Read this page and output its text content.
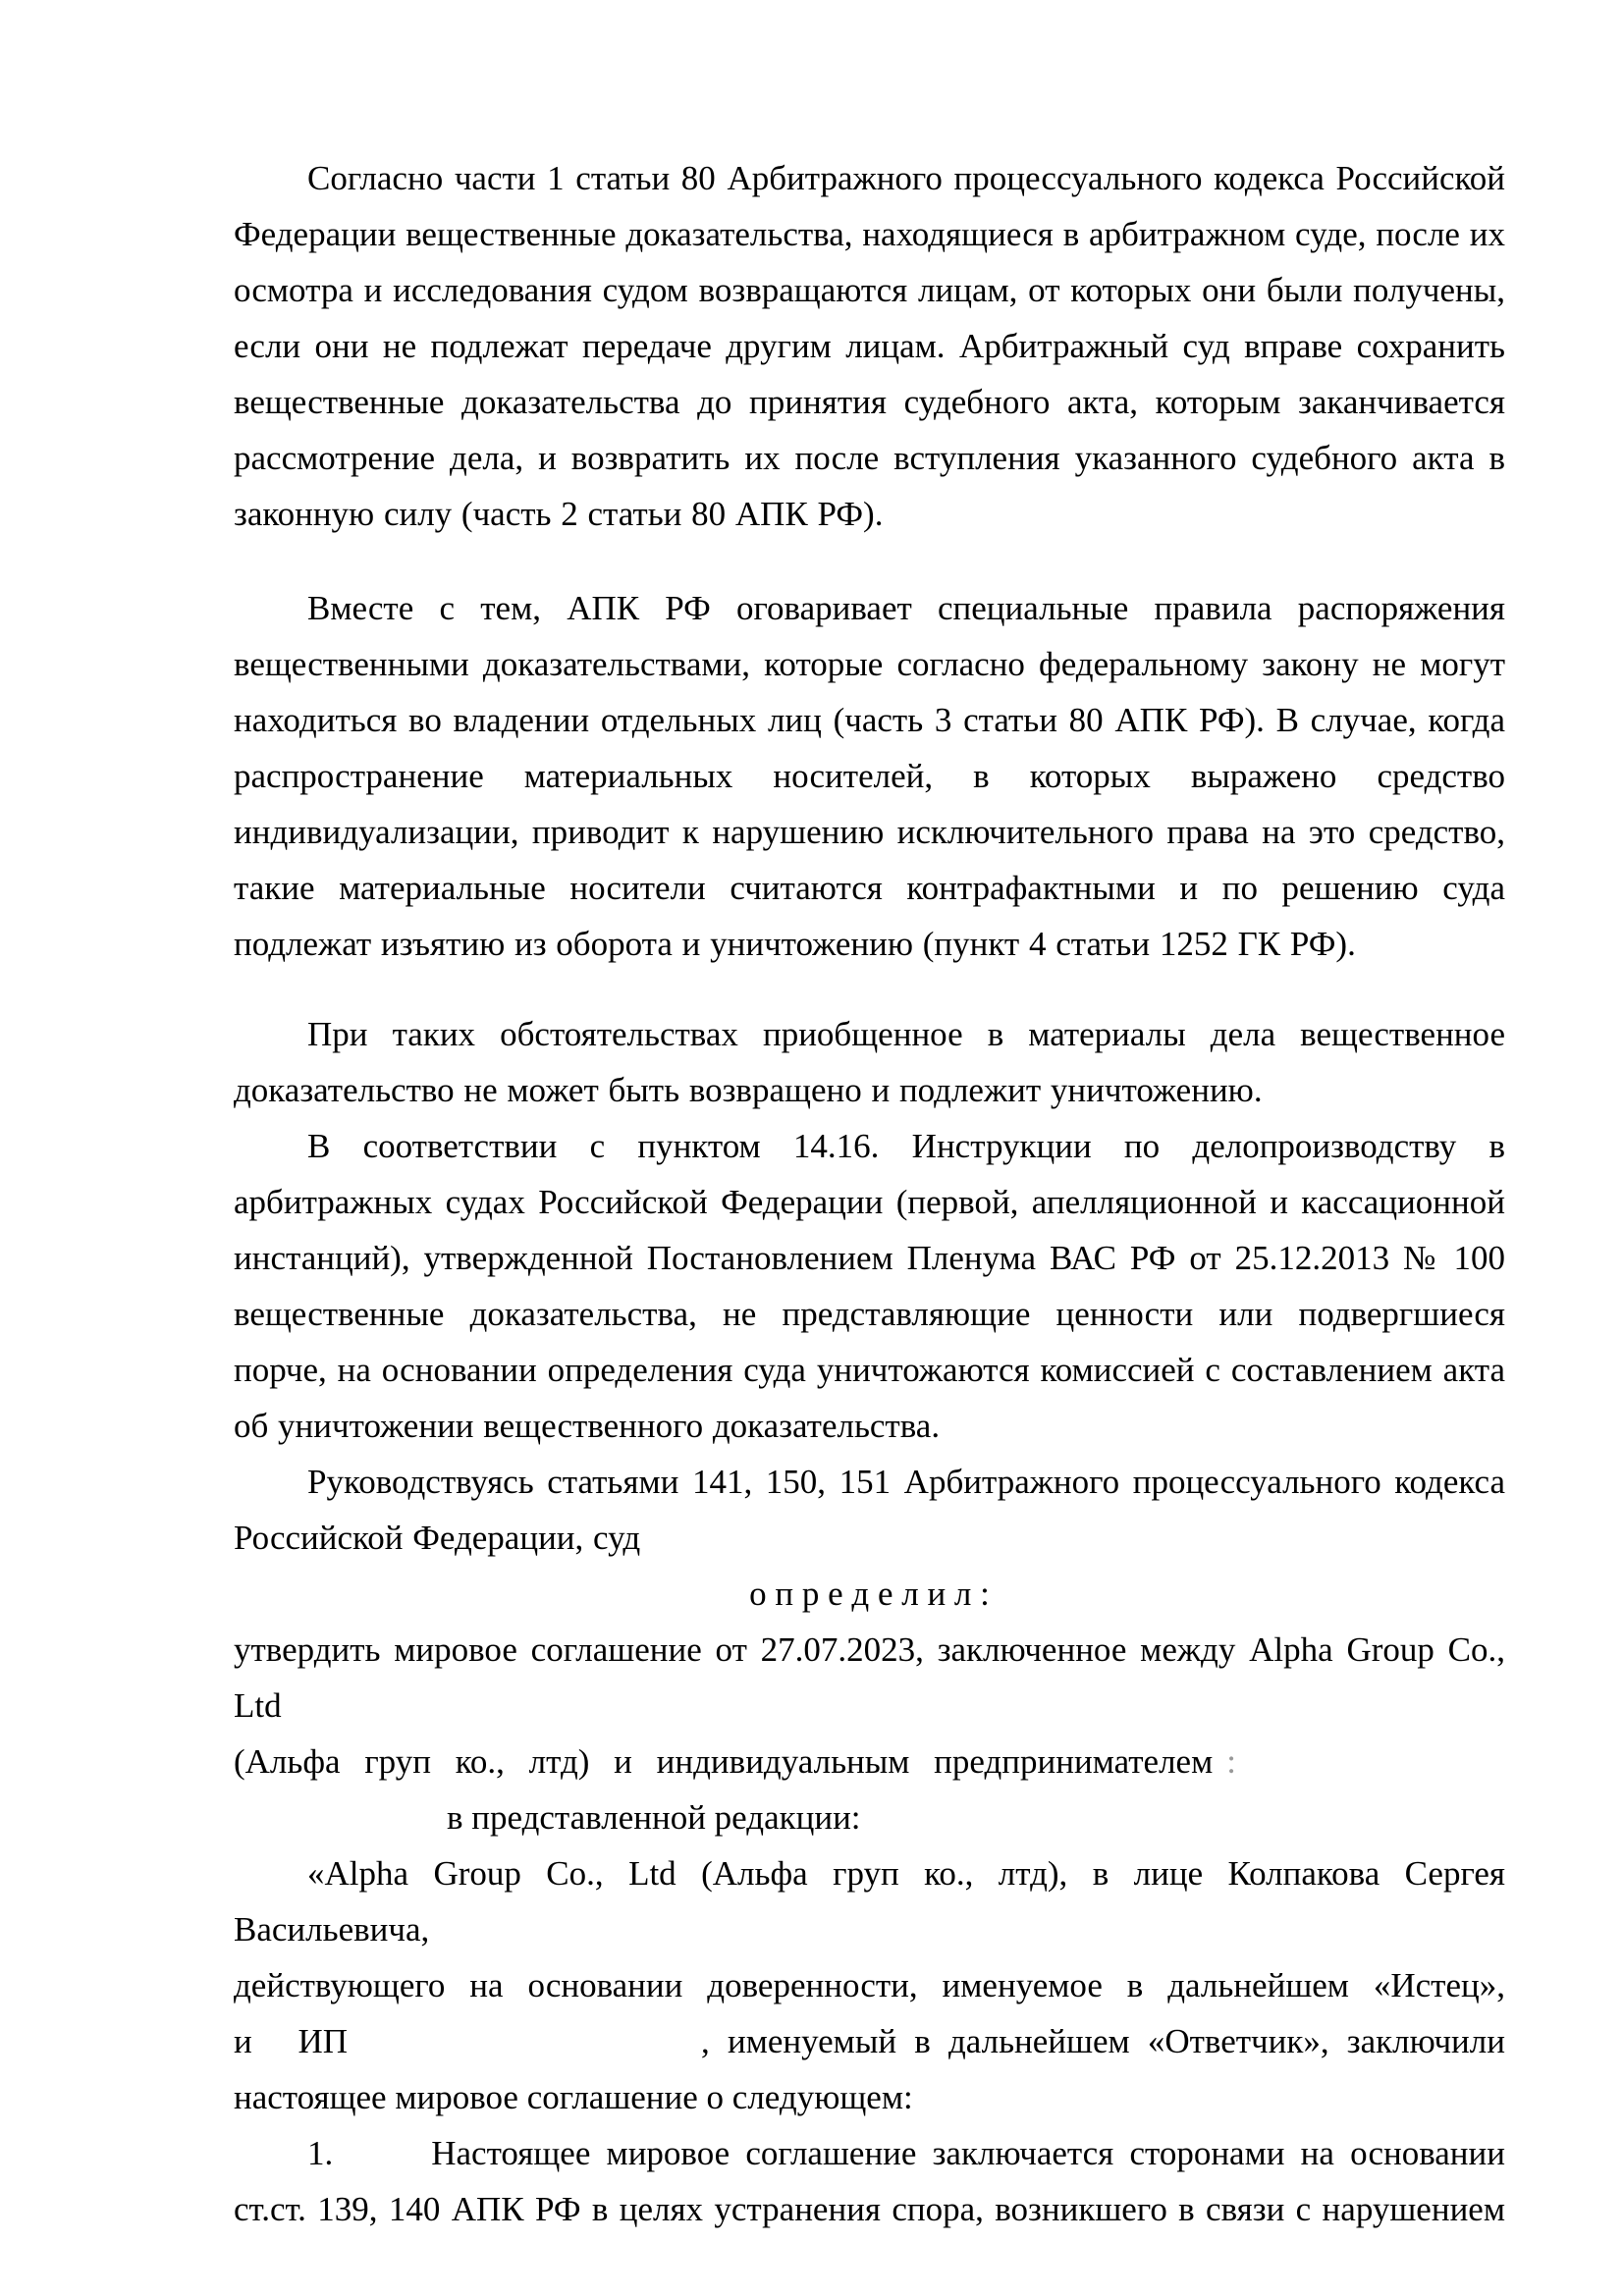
Согласно части 1 статьи 80 Арбитражного процессуального кодекса Российской Федерации вещественные доказательства, находящиеся в арбитражном суде, после их осмотра и исследования судом возвращаются лицам, от которых они были получены, если они не подлежат передаче другим лицам. Арбитражный суд вправе сохранить вещественные доказательства до принятия судебного акта, которым заканчивается рассмотрение дела, и возвратить их после вступления указанного судебного акта в законную силу (часть 2 статьи 80 АПК РФ).

Вместе с тем, АПК РФ оговаривает специальные правила распоряжения вещественными доказательствами, которые согласно федеральному закону не могут находиться во владении отдельных лиц (часть 3 статьи 80 АПК РФ). В случае, когда распространение материальных носителей, в которых выражено средство индивидуализации, приводит к нарушению исключительного права на это средство, такие материальные носители считаются контрафактными и по решению суда подлежат изъятию из оборота и уничтожению (пункт 4 статьи 1252 ГК РФ).

При таких обстоятельствах приобщенное в материалы дела вещественное доказательство не может быть возвращено и подлежит уничтожению.

В соответствии с пунктом 14.16. Инструкции по делопроизводству в арбитражных судах Российской Федерации (первой, апелляционной и кассационной инстанций), утвержденной Постановлением Пленума ВАС РФ от 25.12.2013 № 100 вещественные доказательства, не представляющие ценности или подвергшиеся порче, на основании определения суда уничтожаются комиссией с составлением акта об уничтожении вещественного доказательства.

Руководствуясь статьями 141, 150, 151 Арбитражного процессуального кодекса Российской Федерации, суд

о п р е д е л и л :

утвердить мировое соглашение от 27.07.2023, заключенное между Alpha Group Co., Ltd
(Альфа груп ко., лтд) и индивидуальным предпринимателем :
в представленной редакции:
«Alpha Group Co., Ltd (Альфа груп ко., лтд), в лице Колпакова Сергея Васильевича,
действующего на основании доверенности, именуемое в дальнейшем «Истец»,
и ИП	, именуемый в дальнейшем «Ответчик», заключили
настоящее мировое соглашение о следующем:
1.	Настоящее мировое соглашение заключается сторонами на основании
ст.ст. 139, 140 АПК РФ в целях устранения спора, возникшего в связи с нарушением
